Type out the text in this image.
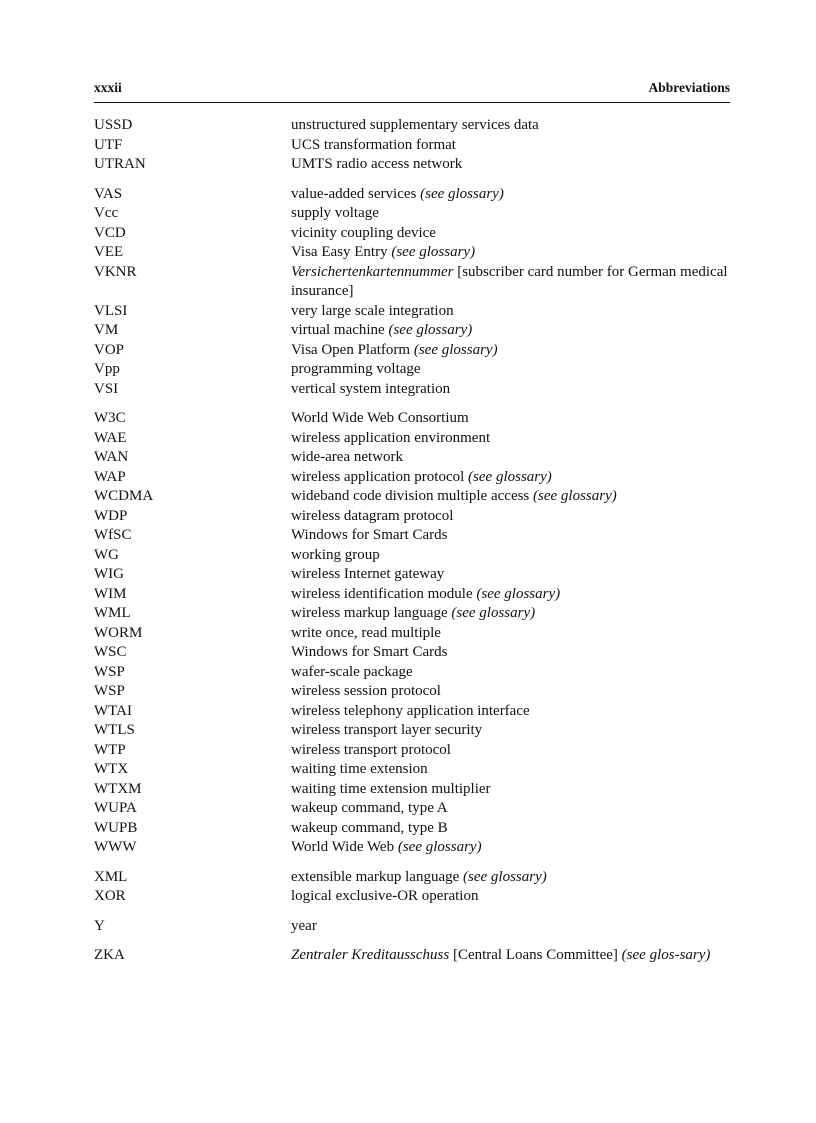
xxxii	Abbreviations
USSD	unstructured supplementary services data
UTF	UCS transformation format
UTRAN	UMTS radio access network
VAS	value-added services (see glossary)
Vcc	supply voltage
VCD	vicinity coupling device
VEE	Visa Easy Entry (see glossary)
VKNR	Versichertenkartennummer [subscriber card number for German medical insurance]
VLSI	very large scale integration
VM	virtual machine (see glossary)
VOP	Visa Open Platform (see glossary)
Vpp	programming voltage
VSI	vertical system integration
W3C	World Wide Web Consortium
WAE	wireless application environment
WAN	wide-area network
WAP	wireless application protocol (see glossary)
WCDMA	wideband code division multiple access (see glossary)
WDP	wireless datagram protocol
WfSC	Windows for Smart Cards
WG	working group
WIG	wireless Internet gateway
WIM	wireless identification module (see glossary)
WML	wireless markup language (see glossary)
WORM	write once, read multiple
WSC	Windows for Smart Cards
WSP	wafer-scale package
WSP	wireless session protocol
WTAI	wireless telephony application interface
WTLS	wireless transport layer security
WTP	wireless transport protocol
WTX	waiting time extension
WTXM	waiting time extension multiplier
WUPA	wakeup command, type A
WUPB	wakeup command, type B
WWW	World Wide Web (see glossary)
XML	extensible markup language (see glossary)
XOR	logical exclusive-OR operation
Y	year
ZKA	Zentraler Kreditausschuss [Central Loans Committee] (see glos-sary)
